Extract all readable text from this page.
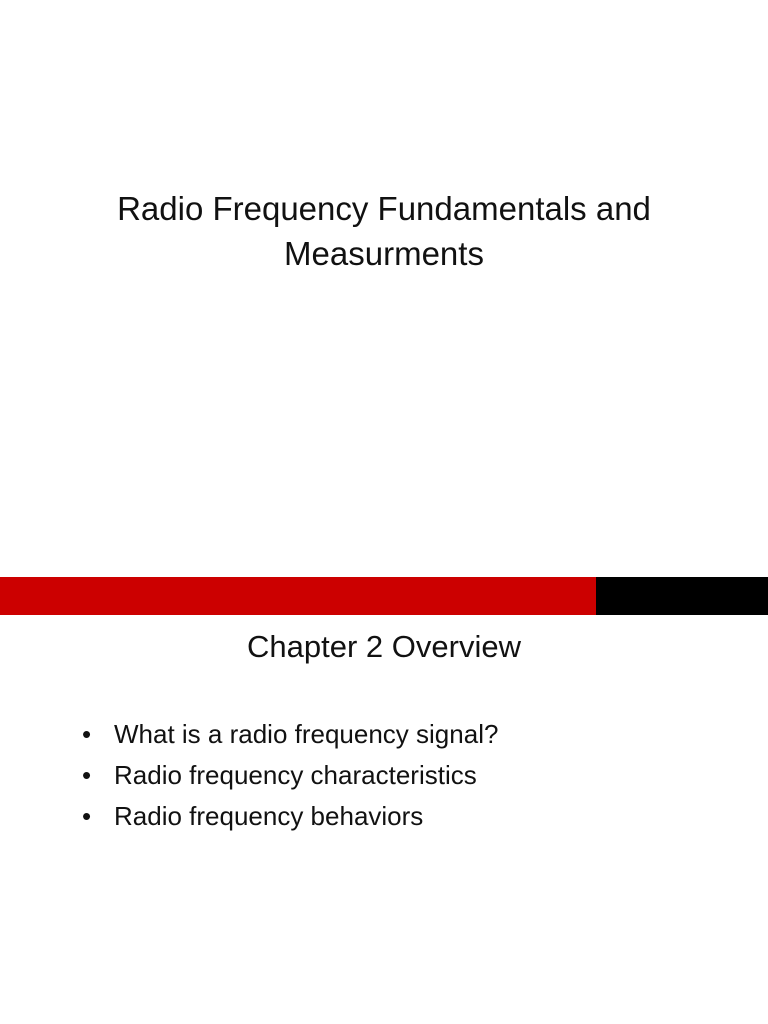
Radio Frequency Fundamentals and
Measurments
Chapter 2 Overview
• What is a radio frequency signal?
• Radio frequency characteristics
• Radio frequency behaviors
